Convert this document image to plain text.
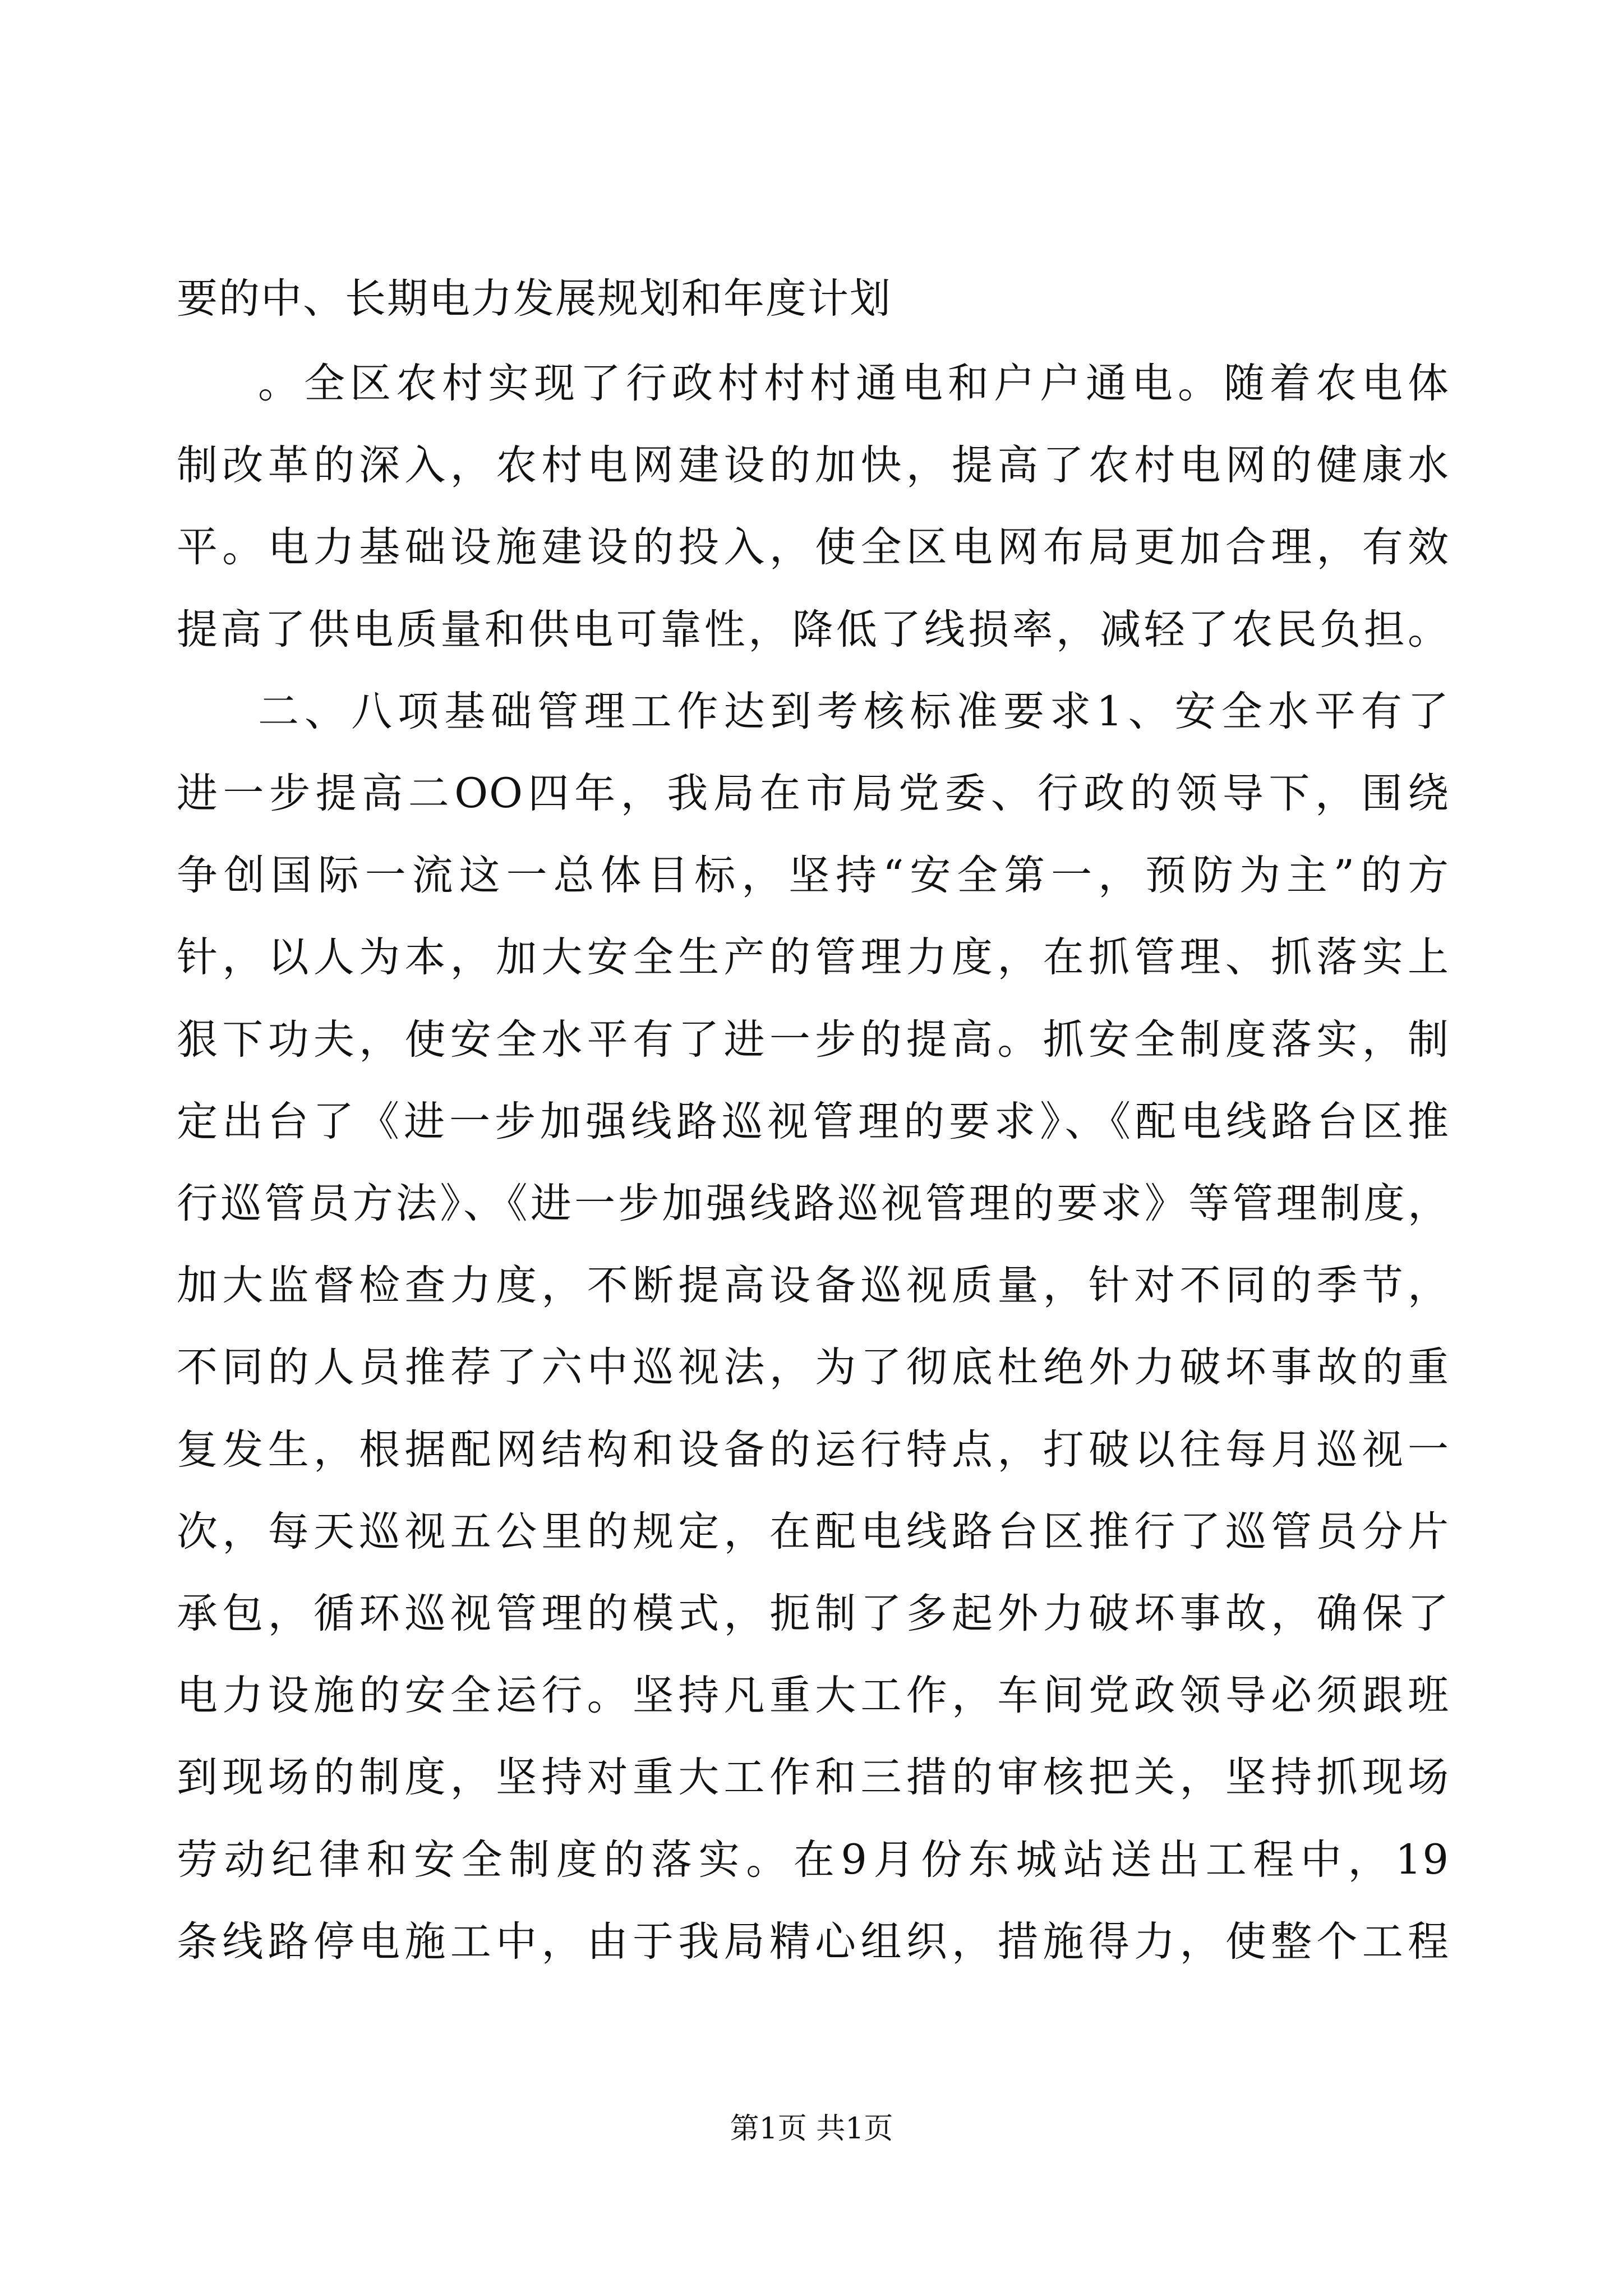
要的中、长期电力发展规划和年度计划
。全区农村实现了行政村村村通电和户户通电。随着农电体
制改革的深入，农村电网建设的加快，提高了农村电网的健康水
平。电力基础设施建设的投入，使全区电网布局更加合理，有效
提高了供电质量和供电可靠性，降低了线损率，减轻了农民负担。
二、八项基础管理工作达到考核标准要求1、安全水平有了
进一步提高二OO四年，我局在市局党委、行政的领导下，围绕
争创国际一流这一总体目标，坚持“安全第一，预防为主”的方
针，以人为本，加大安全生产的管理力度，在抓管理、抓落实上
狠下功夫，使安全水平有了进一步的提高。抓安全制度落实，制
定出台了《进一步加强线路巡视管理的要求》、《配电线路台区推
行巡管员方法》、《进一步加强线路巡视管理的要求》等管理制度，
加大监督检查力度，不断提高设备巡视质量，针对不同的季节，
不同的人员推荐了六中巡视法，为了彻底杜绝外力破坏事故的重
复发生，根据配网结构和设备的运行特点，打破以往每月巡视一
次，每天巡视五公里的规定，在配电线路台区推行了巡管员分片
承包，循环巡视管理的模式，扼制了多起外力破坏事故，确保了
电力设施的安全运行。坚持凡重大工作，车间党政领导必须跟班
到现场的制度，坚持对重大工作和三措的审核把关，坚持抓现场
劳动纪律和安全制度的落实。在9月份东城站送出工程中，19
条线路停电施工中，由于我局精心组织，措施得力，使整个工程
第1页 共1页
